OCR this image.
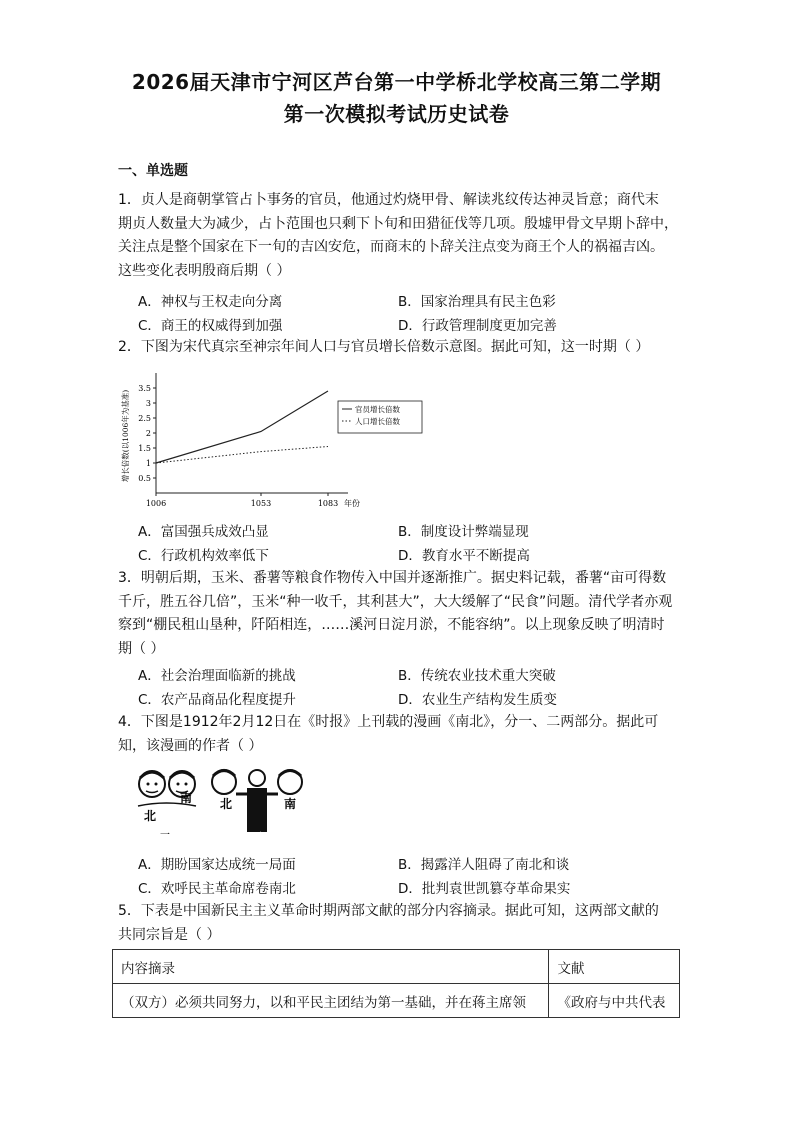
2026届天津市宁河区芦台第一中学桥北学校高三第二学期
第一次模拟考试历史试卷
一、单选题
1．贞人是商朝掌管占卜事务的官员，他通过灼烧甲骨、解读兆纹传达神灵旨意；商代末
期贞人数量大为减少，占卜范围也只剩下卜旬和田猎征伐等几项。殷墟甲骨文早期卜辞中，
关注点是整个国家在下一旬的吉凶安危，而商末的卜辞关注点变为商王个人的祸福吉凶。
这些变化表明殷商后期（ ）
A．神权与王权走向分离	B．国家治理具有民主色彩
C．商王的权威得到加强	D．行政管理制度更加完善
2．下图为宋代真宗至神宗年间人口与官员增长倍数示意图。据此可知，这一时期（ ）
0.5
1
1.5
2
2.5
3
3.5
1006	1053	1083 年份
增长倍数(以1006年为基准)	官员增长倍数
人口增长倍数
A．富国强兵成效凸显	B．制度设计弊端显现
C．行政机构效率低下	D．教育水平不断提高
3．明朝后期，玉米、番薯等粮食作物传入中国并逐渐推广。据史料记载，番薯“亩可得数
千斤，胜五谷几倍”，玉米“种一收千，其利甚大”，大大缓解了“民食”问题。清代学者亦观
察到“棚民租山垦种，阡陌相连，……溪河日淀月淤，不能容纳”。以上现象反映了明清时
期（ ）
A．社会治理面临新的挑战	B．传统农业技术重大突破
C．农产品商品化程度提升	D．农业生产结构发生质变
4．下图是1912年2月12日在《时报》上刊载的漫画《南北》，分一、二两部分。据此可
知，该漫画的作者（ ）
北
南
一
北	南
二
A．期盼国家达成统一局面	B．揭露洋人阻碍了南北和谈
C．欢呼民主革命席卷南北	D．批判袁世凯篡夺革命果实
5．下表是中国新民主主义革命时期两部文献的部分内容摘录。据此可知，这两部文献的
共同宗旨是（ ）
内容摘录	文献
（双方）必须共同努力，以和平民主团结为第一基础，并在蒋主席领	《政府与中共代表
